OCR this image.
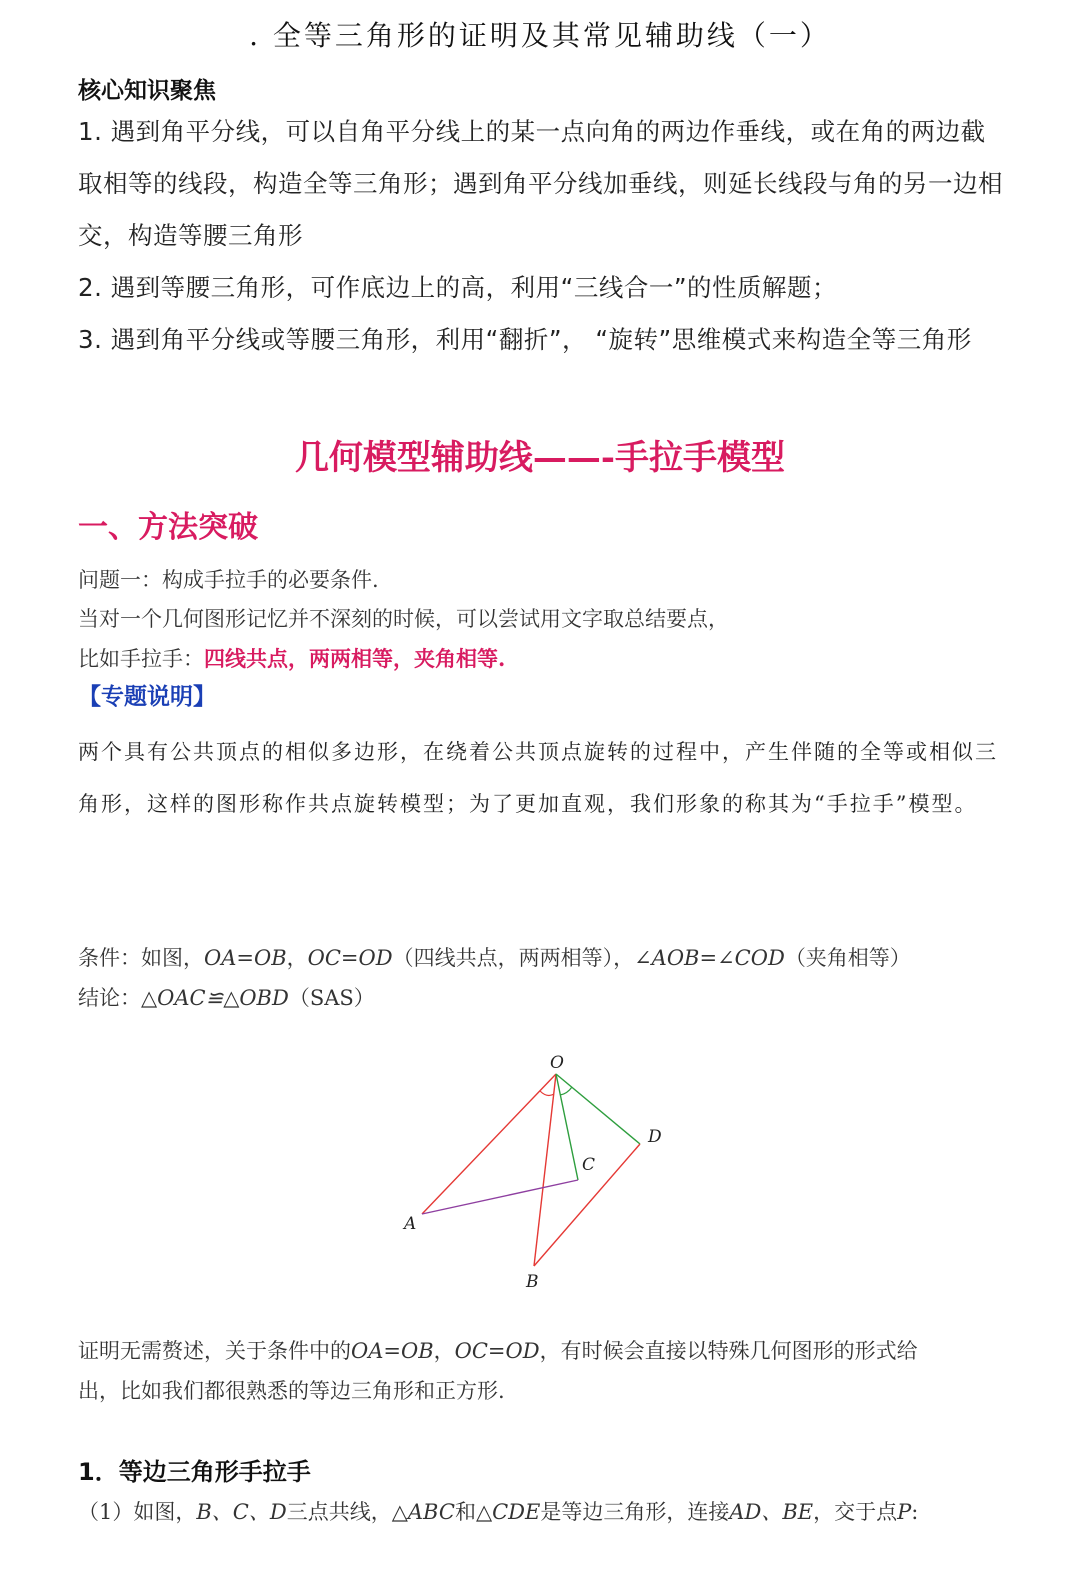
. 全等三角形的证明及其常见辅助线（一）
核心知识聚焦
1. 遇到角平分线，可以自角平分线上的某一点向角的两边作垂线，或在角的两边截取相等的线段，构造全等三角形；遇到角平分线加垂线，则延长线段与角的另一边相交，构造等腰三角形
2. 遇到等腰三角形，可作底边上的高，利用“三线合一”的性质解题；
3. 遇到角平分线或等腰三角形，利用“翻折”， “旋转”思维模式来构造全等三角形
几何模型辅助线——-手拉手模型
一、方法突破
问题一：构成手拉手的必要条件.
当对一个几何图形记忆并不深刻的时候，可以尝试用文字取总结要点，
比如手拉手：四线共点，两两相等，夹角相等.
【专题说明】
两个具有公共顶点的相似多边形，在绕着公共顶点旋转的过程中，产生伴随的全等或相似三角形，这样的图形称作共点旋转模型；为了更加直观，我们形象的称其为“手拉手”模型。
条件：如图，OA=OB，OC=OD（四线共点，两两相等），∠AOB=∠COD（夹角相等）
结论：△OAC≌△OBD（SAS）
O
A
B
C
D
证明无需赘述，关于条件中的OA=OB，OC=OD，有时候会直接以特殊几何图形的形式给
出，比如我们都很熟悉的等边三角形和正方形.
1．等边三角形手拉手
（1）如图，B、C、D三点共线，△ABC和△CDE是等边三角形，连接AD、BE，交于点P:
